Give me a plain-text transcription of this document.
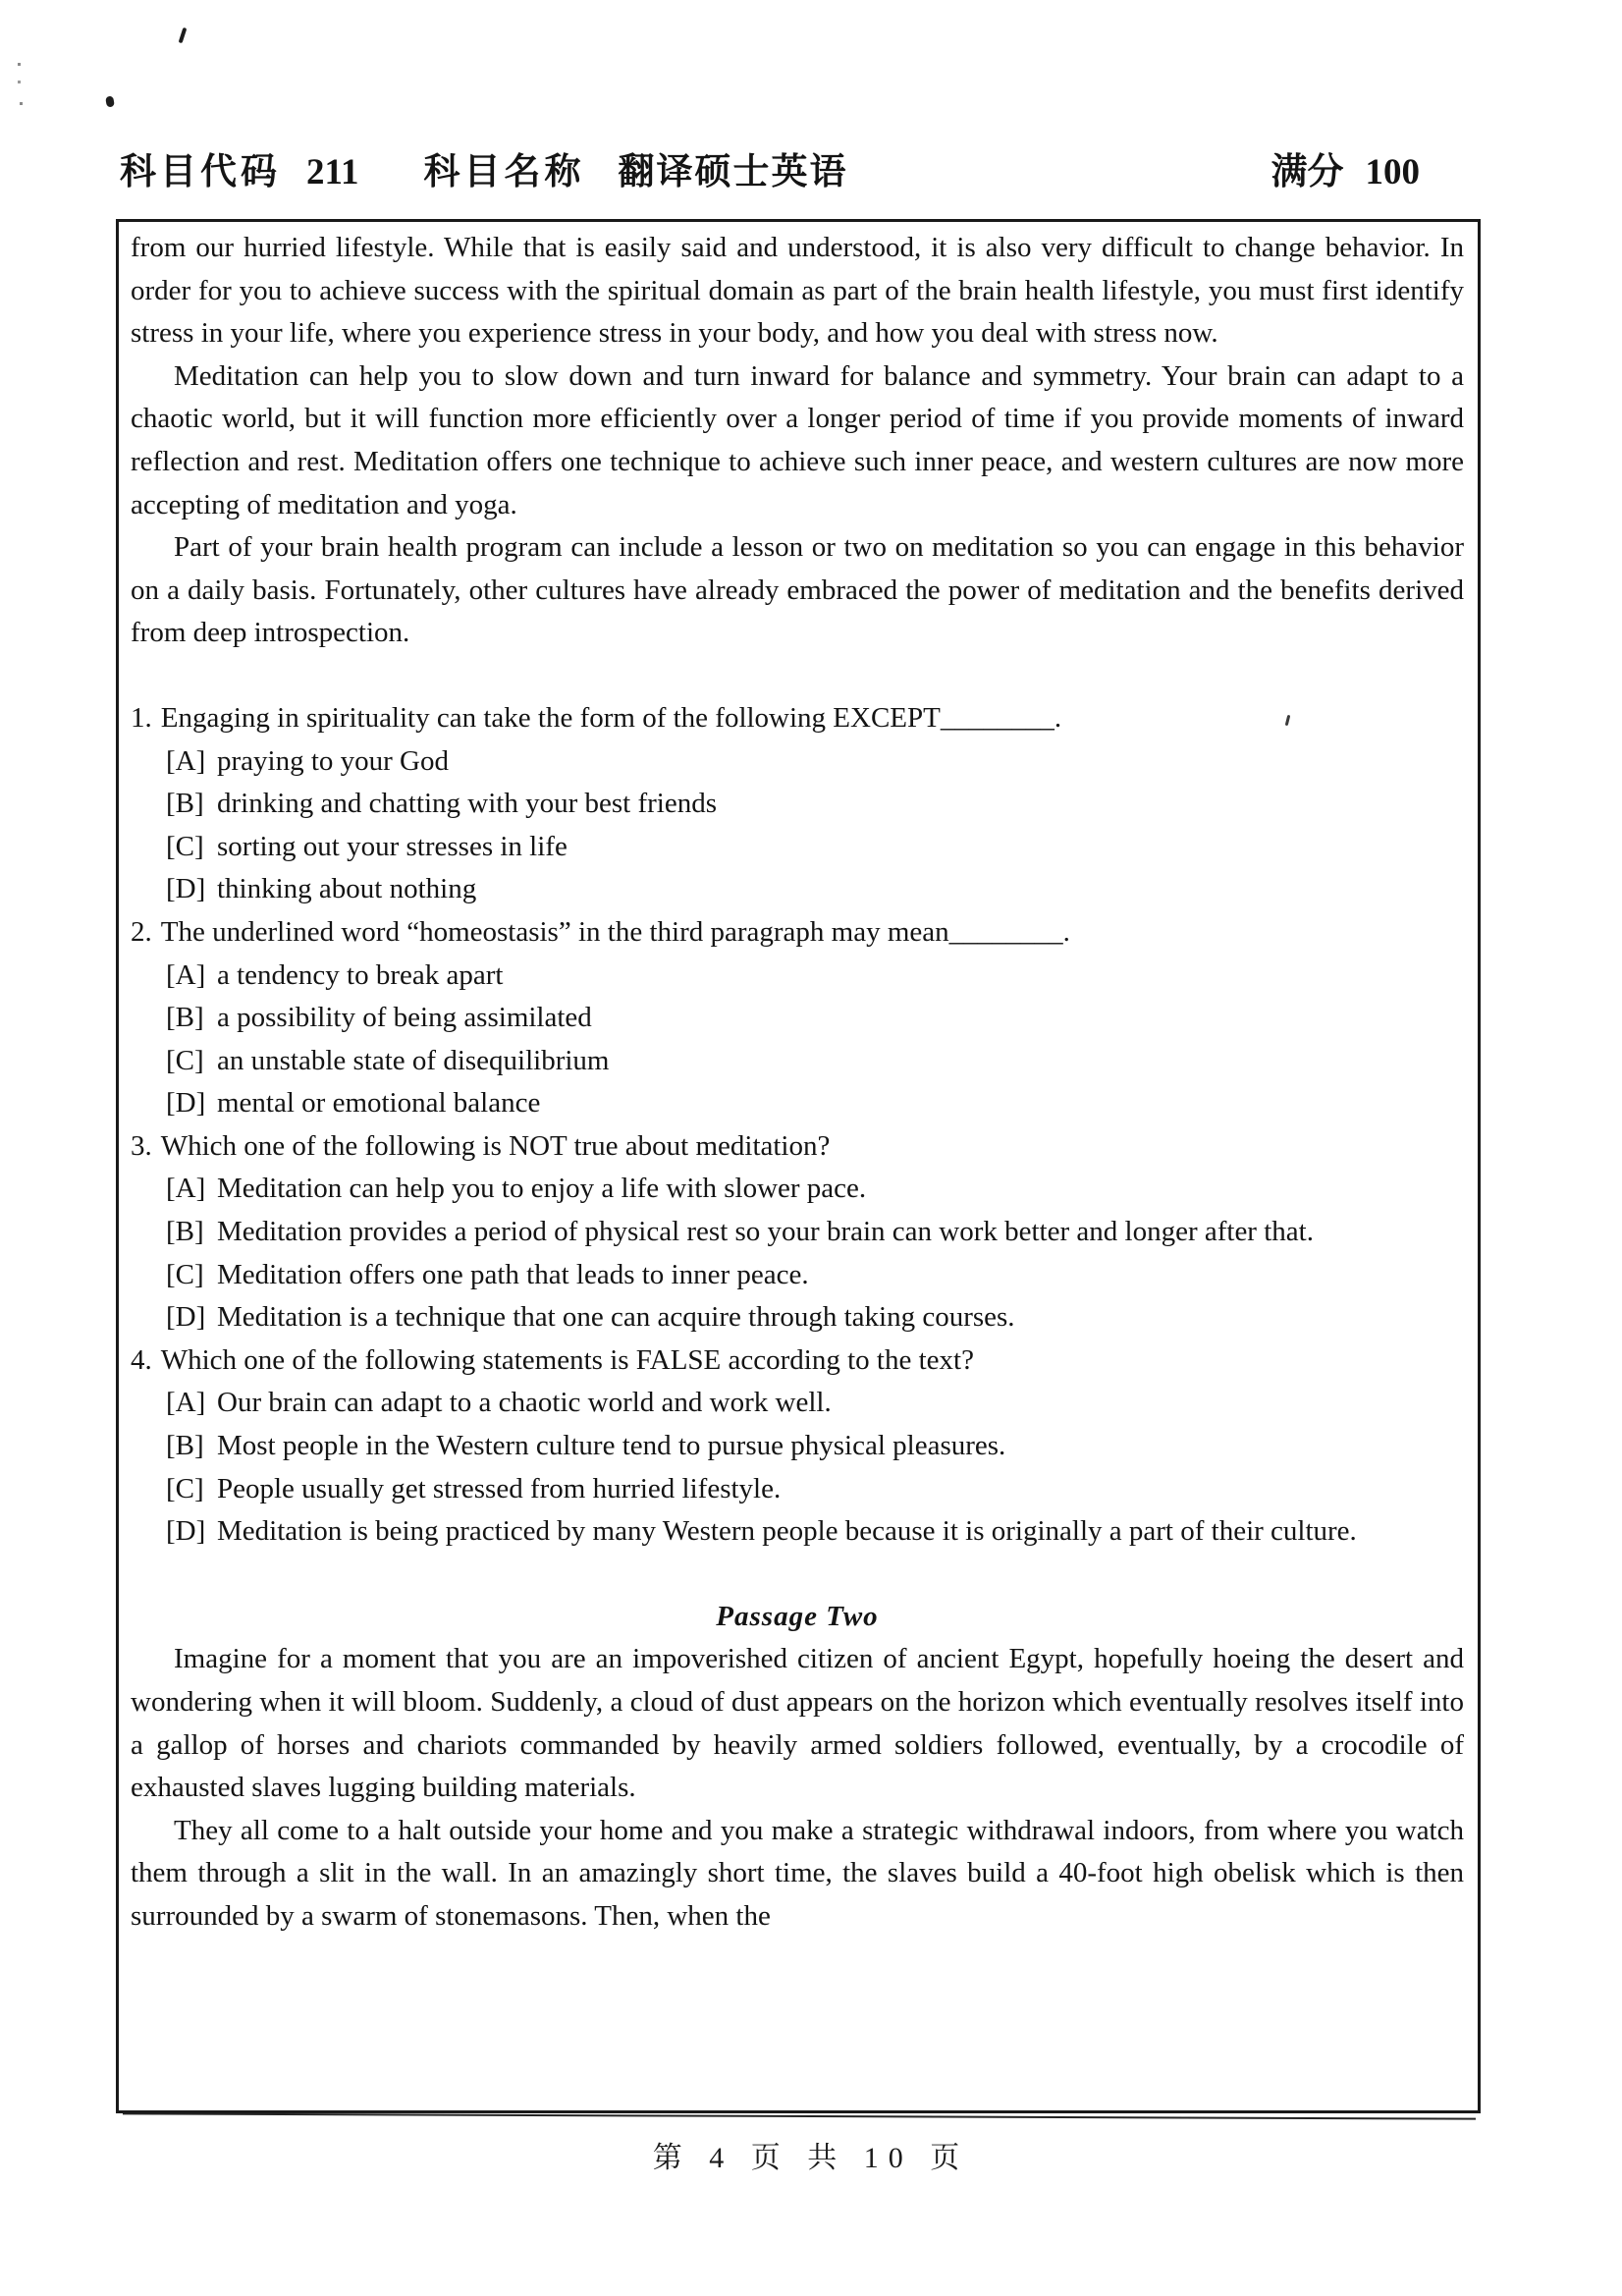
科目代码 211 科目名称 翻译硕士英语	满分 100

from our hurried lifestyle. While that is easily said and understood, it is also very difficult to change behavior. In order for you to achieve success with the spiritual domain as part of the brain health lifestyle, you must first identify stress in your life, where you experience stress in your body, and how you deal with stress now.

Meditation can help you to slow down and turn inward for balance and symmetry. Your brain can adapt to a chaotic world, but it will function more efficiently over a longer period of time if you provide moments of inward reflection and rest. Meditation offers one technique to achieve such inner peace, and western cultures are now more accepting of meditation and yoga.

Part of your brain health program can include a lesson or two on meditation so you can engage in this behavior on a daily basis. Fortunately, other cultures have already embraced the power of meditation and the benefits derived from deep introspection.

1. Engaging in spirituality can take the form of the following EXCEPT________.
[A] praying to your God
[B] drinking and chatting with your best friends
[C] sorting out your stresses in life
[D] thinking about nothing
2. The underlined word “homeostasis” in the third paragraph may mean________.
[A] a tendency to break apart
[B] a possibility of being assimilated
[C] an unstable state of disequilibrium
[D] mental or emotional balance
3. Which one of the following is NOT true about meditation?
[A] Meditation can help you to enjoy a life with slower pace.
[B] Meditation provides a period of physical rest so your brain can work better and longer after that.
[C] Meditation offers one path that leads to inner peace.
[D] Meditation is a technique that one can acquire through taking courses.
4. Which one of the following statements is FALSE according to the text?
[A] Our brain can adapt to a chaotic world and work well.
[B] Most people in the Western culture tend to pursue physical pleasures.
[C] People usually get stressed from hurried lifestyle.
[D] Meditation is being practiced by many Western people because it is originally a part of their culture.
Passage Two

Imagine for a moment that you are an impoverished citizen of ancient Egypt, hopefully hoeing the desert and wondering when it will bloom. Suddenly, a cloud of dust appears on the horizon which eventually resolves itself into a gallop of horses and chariots commanded by heavily armed soldiers followed, eventually, by a crocodile of exhausted slaves lugging building materials.

They all come to a halt outside your home and you make a strategic withdrawal indoors, from where you watch them through a slit in the wall. In an amazingly short time, the slaves build a 40-foot high obelisk which is then surrounded by a swarm of stonemasons. Then, when the

第 4 页 共 10 页
